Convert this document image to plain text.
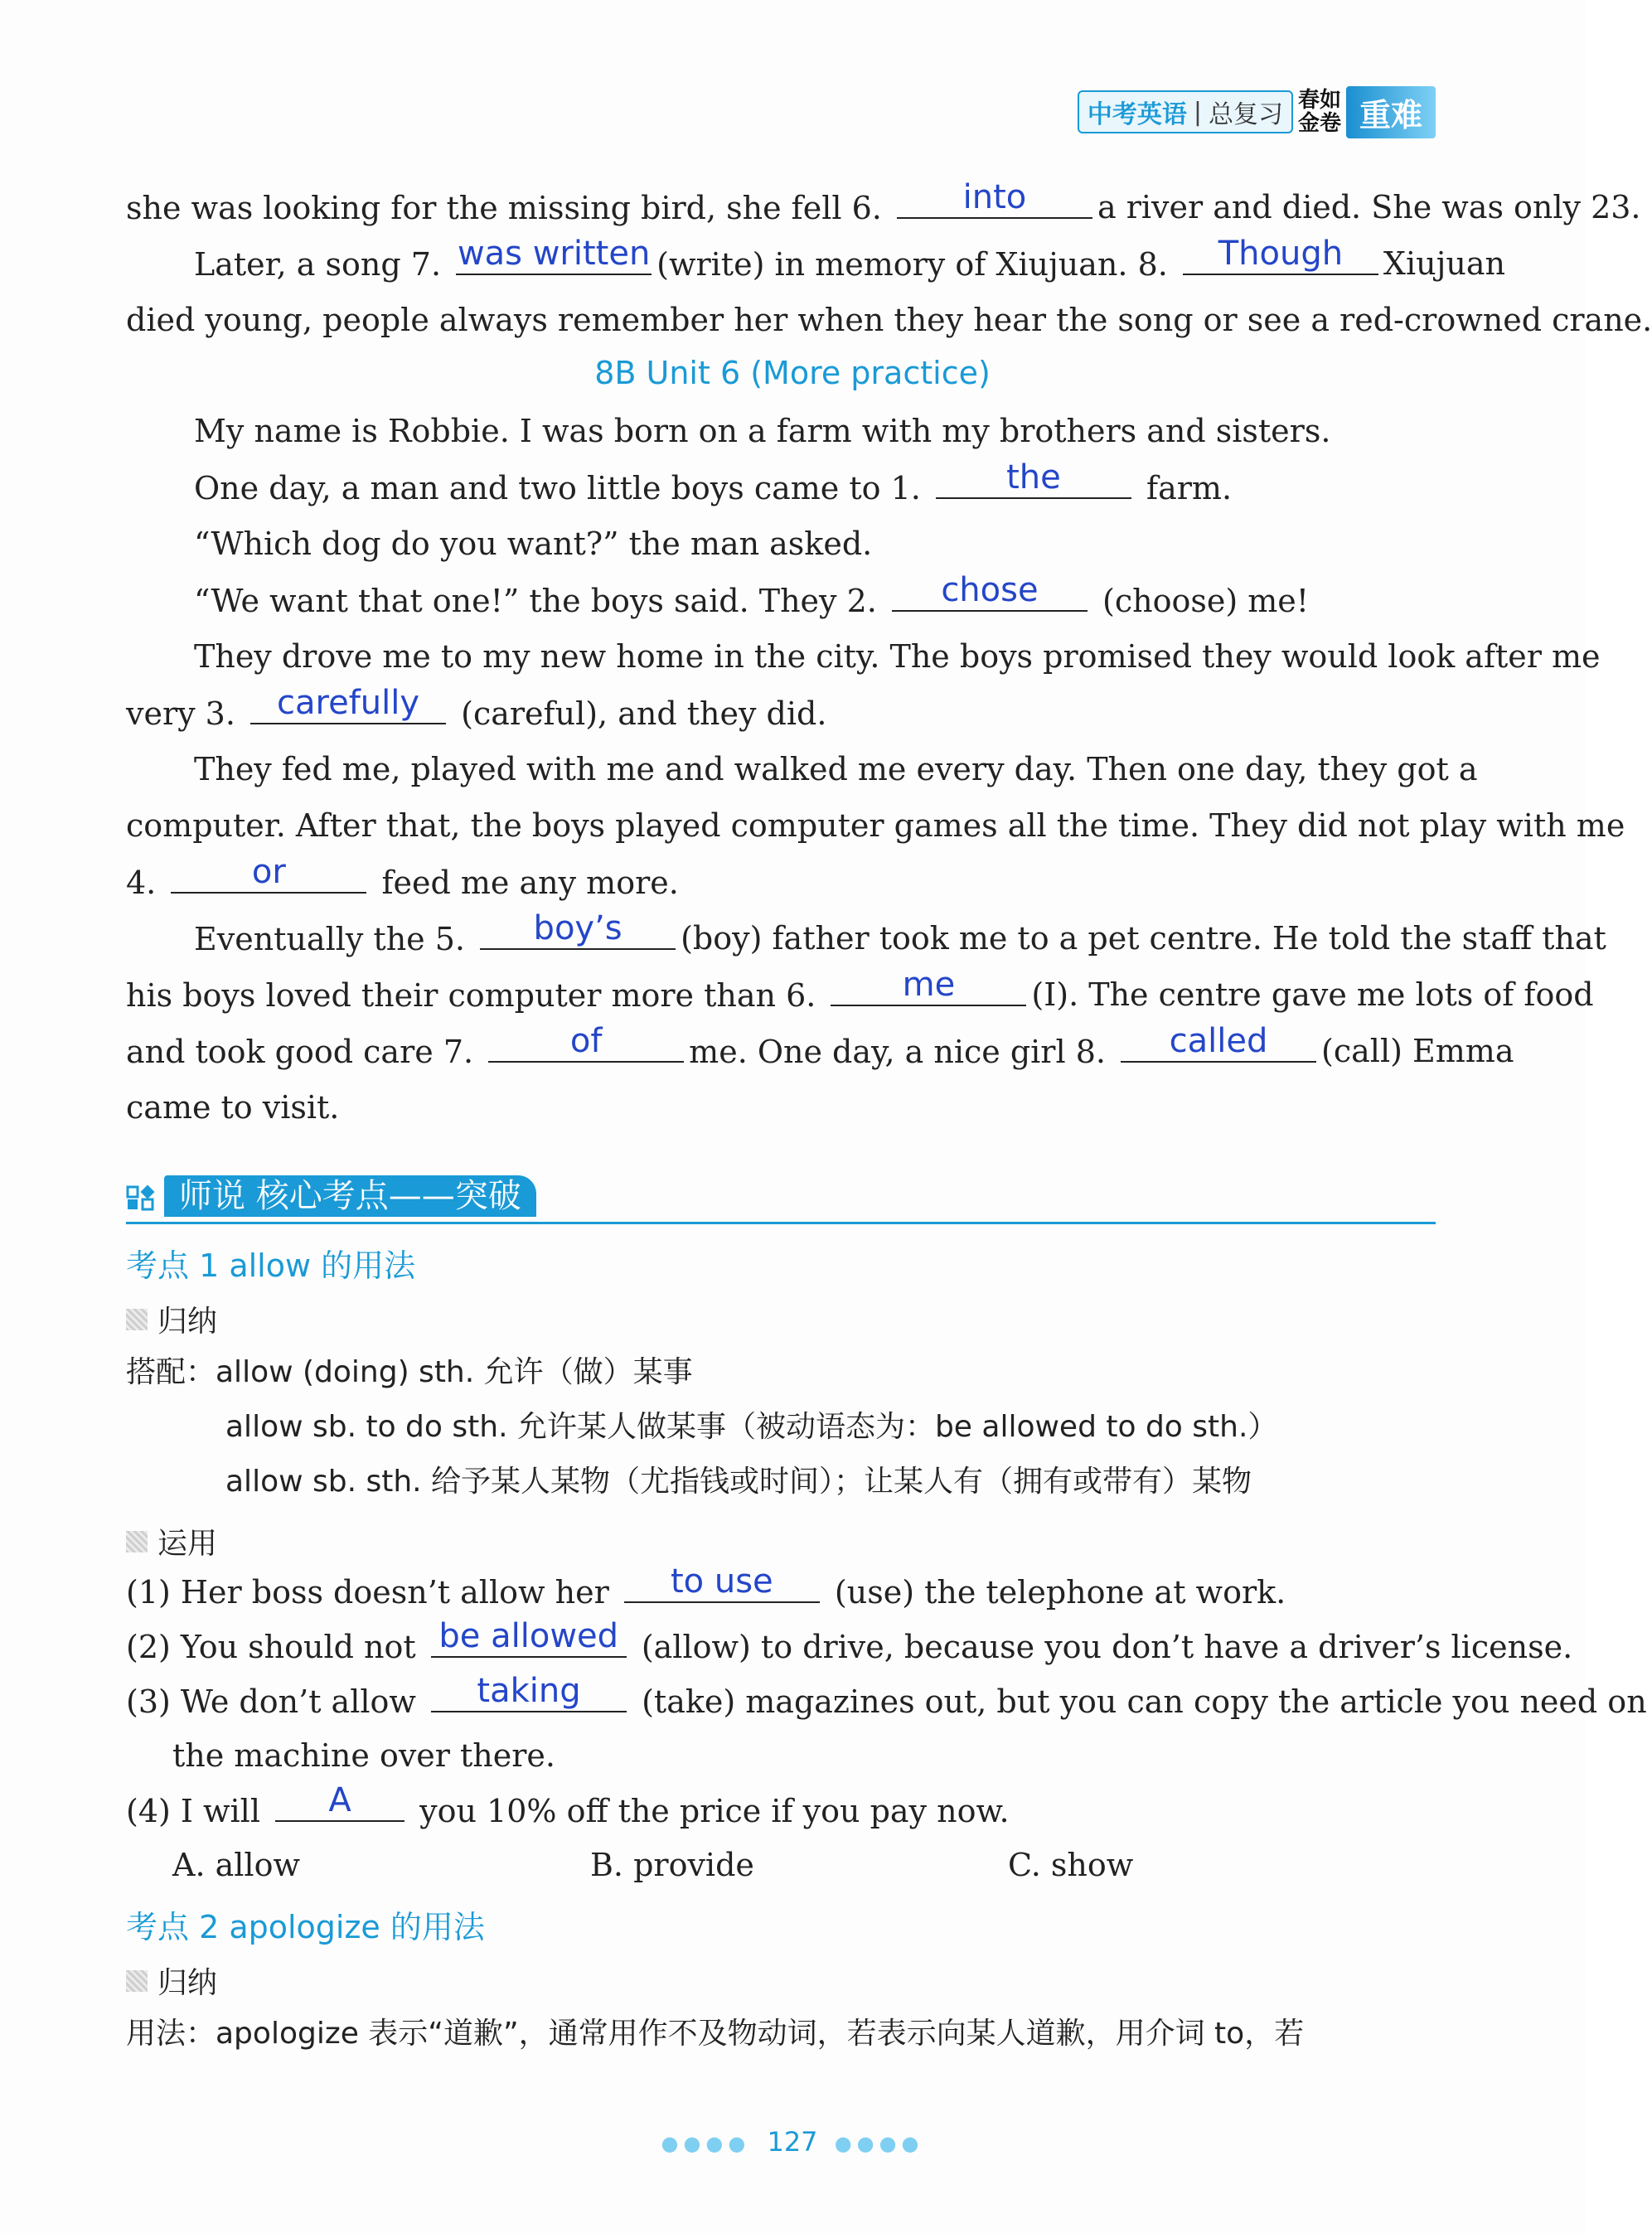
中考英语 | 总复习 春如
金卷 重难
she was looking for the missing bird, she fell 6.	into	a river and died. She was only 23.
Later, a song 7. was written (write) in memory of Xiujuan. 8.	Though	Xiujuan
died young, people always remember her when they hear the song or see a red-crowned crane.
8B Unit 6 (More practice)
My name is Robbie. I was born on a farm with my brothers and sisters.
One day, a man and two little boys came to 1.	the	farm.
“Which dog do you want?” the man asked.
“We want that one!” the boys said. They 2.	chose	(choose) me!
They drove me to my new home in the city. The boys promised they would look after me
very 3.	carefully	(careful), and they did.
They fed me, played with me and walked me every day. Then one day, they got a
computer. After that, the boys played computer games all the time. They did not play with me
4.	or	feed me any more.
Eventually the 5.	boy’s	(boy) father took me to a pet centre. He told the staff that
his boys loved their computer more than 6.	me	(I). The centre gave me lots of food
and took good care 7.	of	me. One day, a nice girl 8.	called	(call) Emma
came to visit.
师说 核心考点——突破
考点 1 allow 的用法
归纳
搭配：allow (doing) sth. 允许（做）某事
allow sb. to do sth. 允许某人做某事（被动语态为：be allowed to do sth.）
allow sb. sth. 给予某人某物（尤指钱或时间）；让某人有（拥有或带有）某物
运用
(1) Her boss doesn’t allow her	to use	(use) the telephone at work.
(2) You should not be allowed (allow) to drive, because you don’t have a driver’s license.
(3) We don’t allow	taking	(take) magazines out, but you can copy the article you need on
the machine over there.
(4) I will	A	you 10% off the price if you pay now.
A. allow	B. provide	C. show
考点 2 apologize 的用法
归纳
用法：apologize 表示“道歉”，通常用作不及物动词，若表示向某人道歉，用介词 to，若
●●●● 127 ●●●●
